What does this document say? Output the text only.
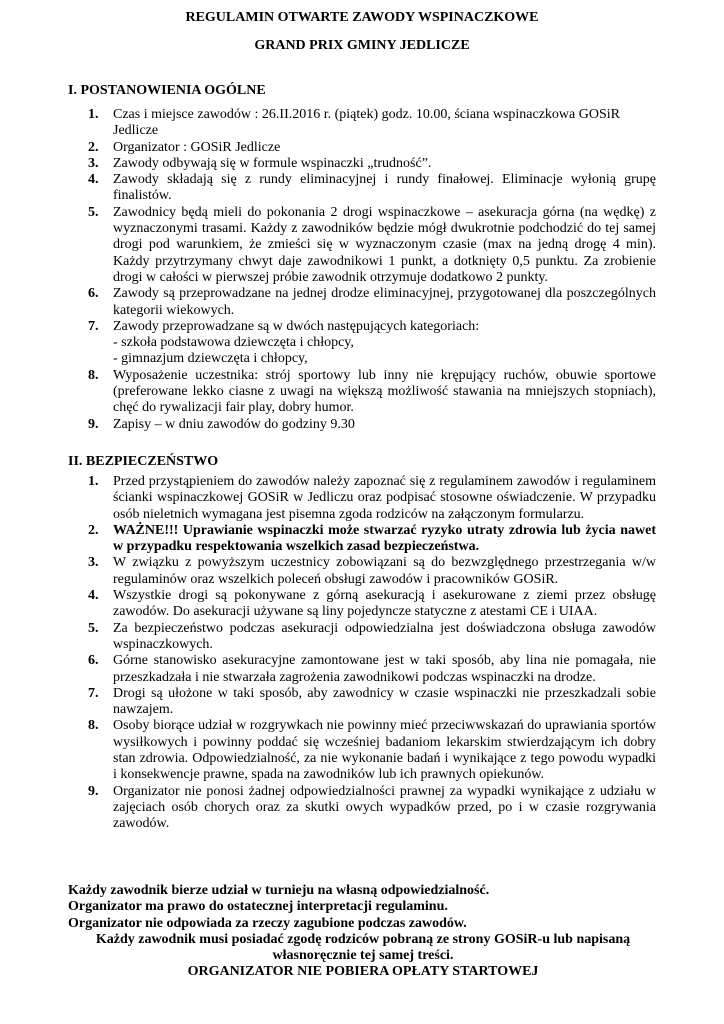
REGULAMIN OTWARTE ZAWODY WSPINACZKOWE
GRAND PRIX GMINY JEDLICZE
I. POSTANOWIENIA OGÓLNE
1. Czas i miejsce zawodów : 26.II.2016 r. (piątek) godz. 10.00, ściana wspinaczkowa GOSiR
Jedlicze
2. Organizator : GOSiR Jedlicze
3. Zawody odbywają się w formule wspinaczki „trudność”.
4. Zawody składają się z rundy eliminacyjnej i rundy finałowej. Eliminacje wyłonią grupę finalistów.
5. Zawodnicy będą mieli do pokonania 2 drogi wspinaczkowe – asekuracja górna (na wędkę) z wyznaczonymi trasami. Każdy z zawodników będzie mógł dwukrotnie podchodzić do tej samej drogi pod warunkiem, że zmieści się w wyznaczonym czasie (max na jedną drogę 4 min). Każdy przytrzymany chwyt daje zawodnikowi 1 punkt, a dotknięty 0,5 punktu. Za zrobienie drogi w całości w pierwszej próbie zawodnik otrzymuje dodatkowo 2 punkty.
6. Zawody są przeprowadzane na jednej drodze eliminacyjnej, przygotowanej dla poszczególnych kategorii wiekowych.
7. Zawody przeprowadzane są w dwóch następujących kategoriach:
- szkoła podstawowa dziewczęta i chłopcy,
- gimnazjum dziewczęta i chłopcy,
8. Wyposażenie uczestnika: strój sportowy lub inny nie krępujący ruchów, obuwie sportowe (preferowane lekko ciasne z uwagi na większą możliwość stawania na mniejszych stopniach), chęć do rywalizacji fair play, dobry humor.
9. Zapisy – w dniu zawodów do godziny 9.30
II. BEZPIECZEŃSTWO
1. Przed przystąpieniem do zawodów należy zapoznać się z regulaminem zawodów i regulaminem ścianki wspinaczkowej GOSiR w Jedliczu oraz podpisać stosowne oświadczenie. W przypadku osób nieletnich wymagana jest pisemna zgoda rodziców na załączonym formularzu.
2. WAŻNE!!! Uprawianie wspinaczki może stwarzać ryzyko utraty zdrowia lub życia nawet w przypadku respektowania wszelkich zasad bezpieczeństwa.
3. W związku z powyższym uczestnicy zobowiązani są do bezwzględnego przestrzegania w/w regulaminów oraz wszelkich poleceń obsługi zawodów i pracowników GOSiR.
4. Wszystkie drogi są pokonywane z górną asekuracją i asekurowane z ziemi przez obsługę zawodów. Do asekuracji używane są liny pojedyncze statyczne z atestami CE i UIAA.
5. Za bezpieczeństwo podczas asekuracji odpowiedzialna jest doświadczona obsługa zawodów wspinaczkowych.
6. Górne stanowisko asekuracyjne zamontowane jest w taki sposób, aby lina nie pomagała, nie przeszkadzała i nie stwarzała zagrożenia zawodnikowi podczas wspinaczki na drodze.
7. Drogi są ułożone w taki sposób, aby zawodnicy w czasie wspinaczki nie przeszkadzali sobie nawzajem.
8. Osoby biorące udział w rozgrywkach nie powinny mieć przeciwwskazań do uprawiania sportów wysiłkowych i powinny poddać się wcześniej badaniom lekarskim stwierdzającym ich dobry stan zdrowia. Odpowiedzialność, za nie wykonanie badań i wynikające z tego powodu wypadki i konsekwencje prawne, spada na zawodników lub ich prawnych opiekunów.
9. Organizator nie ponosi żadnej odpowiedzialności prawnej za wypadki wynikające z udziału w zajęciach osób chorych oraz za skutki owych wypadków przed, po i w czasie rozgrywania zawodów.
Każdy zawodnik bierze udział w turnieju na własną odpowiedzialność.
Organizator ma prawo do ostatecznej interpretacji regulaminu.
Organizator nie odpowiada za rzeczy zagubione podczas zawodów.
Każdy zawodnik musi posiadać zgodę rodziców pobraną ze strony GOSiR-u lub napisaną własnoręcznie tej samej treści.
ORGANIZATOR NIE POBIERA OPŁATY STARTOWEJ
